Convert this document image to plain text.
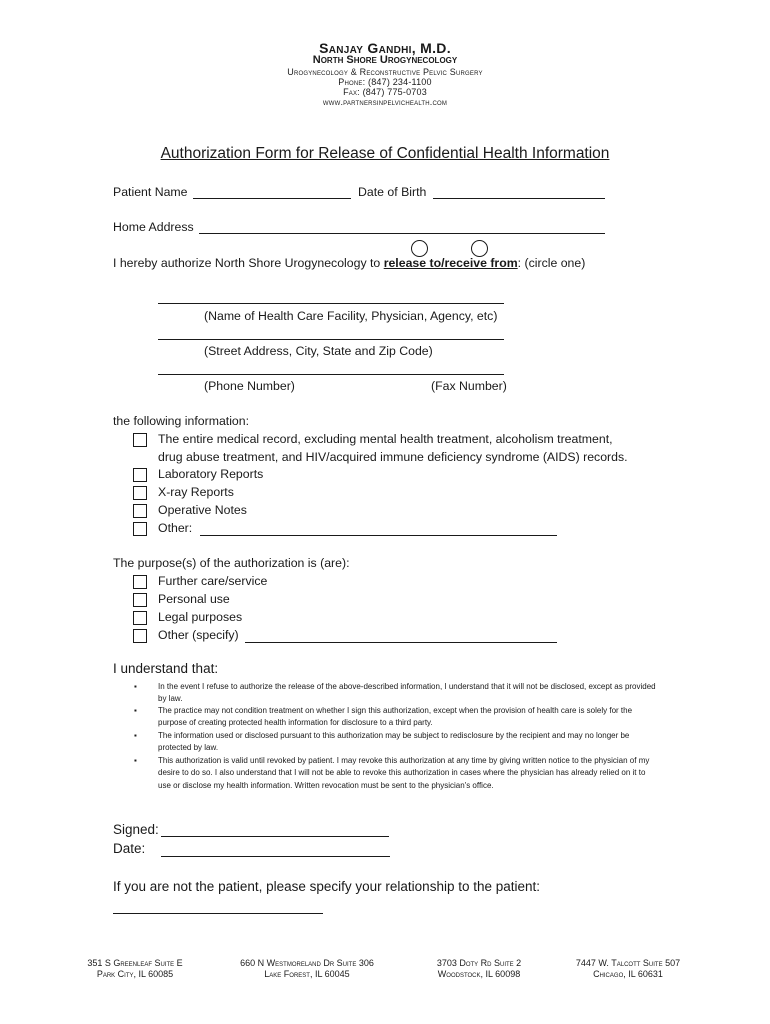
Sanjay Gandhi, M.D.
North Shore Urogynecology
Urogynecology & Reconstructive Pelvic Surgery
Phone: (847) 234-1100
Fax: (847) 775-0703
www.partnersinpelvichealth.com
Authorization Form for Release of Confidential Health Information
Patient Name	Date of Birth
Home Address
I hereby authorize North Shore Urogynecology to release to/receive from: (circle one)
(Name of Health Care Facility, Physician, Agency, etc)
(Street Address, City, State and Zip Code)
(Phone Number)	(Fax Number)
the following information:
The entire medical record, excluding mental health treatment, alcoholism treatment,
drug abuse treatment, and HIV/acquired immune deficiency syndrome (AIDS) records.
Laboratory Reports
X-ray Reports
Operative Notes
Other:
The purpose(s) of the authorization is (are):
Further care/service
Personal use
Legal purposes
Other (specify)
I understand that:
▪	In the event I refuse to authorize the release of the above-described information, I understand that it will not be disclosed, except as provided by law.
▪	The practice may not condition treatment on whether I sign this authorization, except when the provision of health care is solely for the purpose of creating protected health information for disclosure to a third party.
▪	The information used or disclosed pursuant to this authorization may be subject to redisclosure by the recipient and may no longer be protected by law.
▪	This authorization is valid until revoked by patient. I may revoke this authorization at any time by giving written notice to the physician of my desire to do so. I also understand that I will not be able to revoke this authorization in cases where the physician has already relied on it to use or disclose my health information. Written revocation must be sent to the physician's office.
Signed:
Date:
If you are not the patient, please specify your relationship to the patient:
351 S Greenleaf Suite E
Park City, IL 60085
660 N Westmoreland Dr Suite 306
Lake Forest, IL 60045
3703 Doty Rd Suite 2
Woodstock, IL 60098
7447 W. Talcott Suite 507
Chicago, IL 60631
